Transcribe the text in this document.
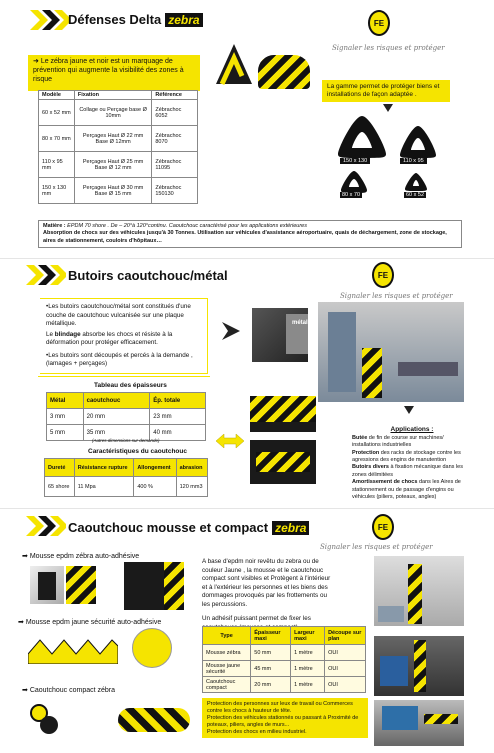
Défenses Delta zebra	FE
Signaler les risques et protéger
➜ Le zébra jaune et noir est un marquage de prévention qui augmente la visibilité des zones à risque
Modèle	Fixation	Référence
60 x 52 mm	Collage ou Perçage base Ø 10mm	Zébrachoc 6052
80 x 70 mm	Perçages Haut Ø 22 mm Base Ø 12mm	Zébrachoc 8070
110 x 95 mm	Perçages Haut Ø 25 mm Base Ø 12 mm	Zébrachoc 11095
150 x 130 mm	Perçages Haut Ø 30 mm Base Ø 15 mm	Zébrachoc 150130
La gamme permet de protéger biens et installations de façon adaptée .
150 x 130	110 x 95
80 x 70	60 x 52
Matière : EPDM 70 shore . De – 20°à 120°continu. Caoutchouc caractérisé pour les applications extérieures
Absorption de chocs sur des véhicules jusqu'à 30 Tonnes. Utilisation sur véhicules d'assistance aéroportuaire, quais de déchargement, zone de stockage, aires de stationnement, couloirs d'hôpitaux…
Butoirs caoutchouc/métal	FE
Signaler les risques et protéger

•Les butoirs caoutchouc/métal sont constitués d'une couche de caoutchouc vulcanisée sur une plaque métallique.

Le blindage absorbe les chocs et résiste à la déformation pour protéger efficacement.

•Les butoirs sont découpés et percés à la demande ,(lamages + perçages)

métal
Tableau des épaisseurs
Métal	caoutchouc	Ép. totale
3 mm	20 mm	23 mm
5 mm	35 mm	40 mm
(Autres dimensions sur demande)
Caractéristiques du caoutchouc
Dureté	Résistance rupture	Allongement	abrasion
65 shore	11 Mpa	400 %	120 mm3
Applications :
Butée de fin de course sur machines/ installations industrielles
Protection des racks de stockage contre les agressions des engins de manutention
Butoirs divers à fixation mécanique dans les zones délimitées
Amortissement de chocs dans les Aires de stationnement ou de passage d'engins ou véhicules (piliers, poteaux, angles)
Caoutchouc mousse et compact zebra	FE
Signaler les risques et protéger
➡ Mousse epdm zébra auto-adhésive
➡ Mousse epdm jaune sécurité auto-adhésive
➡ Caoutchouc compact zébra

A base d'epdm noir revêtu du zebra ou de couleur Jaune , la mousse et le caoutchouc compact sont visibles et Protègent à l'intérieur et à l'extérieur les personnes et les biens des dommages provoqués par les frottements ou les percussions.

Un adhésif puissant permet de fixer les

Type	Épaisseur maxi	Largeur maxi	Découpe sur plan
Mousse zébra	50 mm	1 mètre	OUI
Mousse jaune sécurité	45 mm	1 mètre	OUI
Caoutchouc compact	20 mm	1 mètre	OUI
Protection des personnes sur leux de travail ou Commerces contre les chocs à hauteur de tête.
Protection des véhicules stationnés ou passant à Proximité de poteaux, piliers, angles de murs...
Protection des chocs en milieu industriel.
